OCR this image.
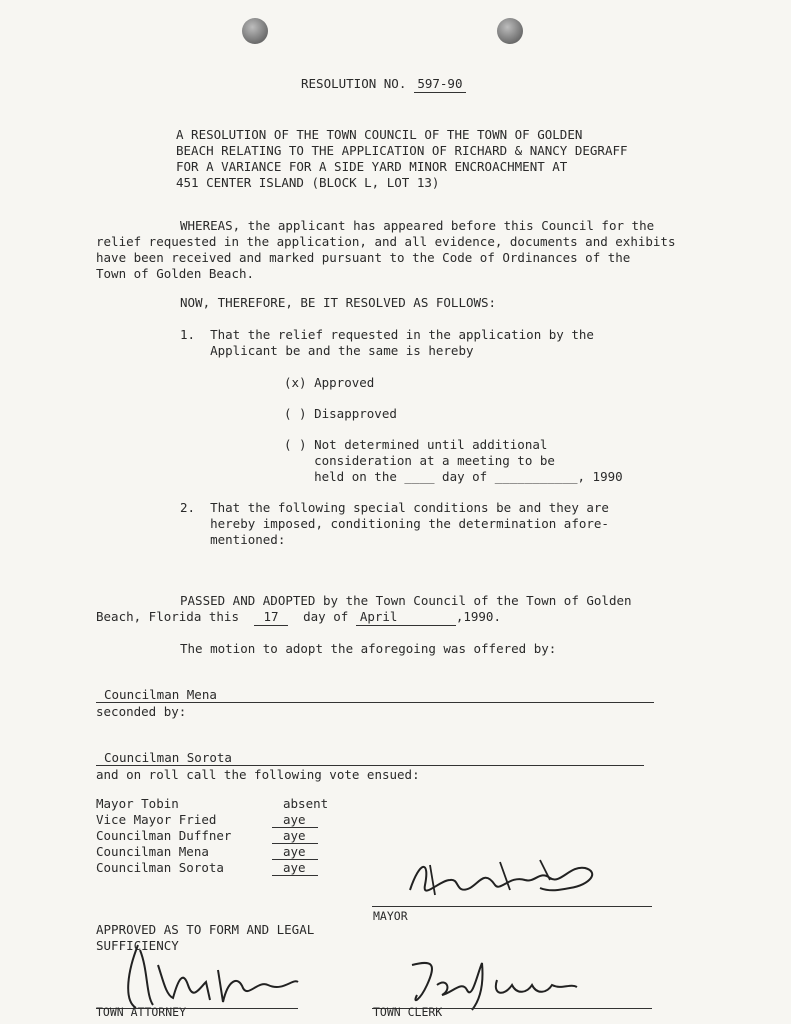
RESOLUTION NO. 597-90
A RESOLUTION OF THE TOWN COUNCIL OF THE TOWN OF GOLDEN
BEACH RELATING TO THE APPLICATION OF RICHARD & NANCY DEGRAFF
FOR A VARIANCE FOR A SIDE YARD MINOR ENCROACHMENT AT
451 CENTER ISLAND (BLOCK L, LOT 13)
WHEREAS, the applicant has appeared before this Council for the
relief requested in the application, and all evidence, documents and exhibits
have been received and marked pursuant to the Code of Ordinances of the
Town of Golden Beach.
NOW, THEREFORE, BE IT RESOLVED AS FOLLOWS:
1.  That the relief requested in the application by the
Applicant be and the same is hereby
(x) Approved
( ) Disapproved
( ) Not determined until additional
consideration at a meeting to be
held on the ____ day of ___________, 1990
2.  That the following special conditions be and they are
hereby imposed, conditioning the determination afore-
mentioned:
PASSED AND ADOPTED by the Town Council of the Town of Golden
Beach, Florida this 17 day of April	,1990.
The motion to adopt the aforegoing was offered by:
Councilman Mena
seconded by:
Councilman Sorota
and on roll call the following vote ensued:
Mayor Tobin	absent
Vice Mayor Fried	aye
Councilman Duffner	aye
Councilman Mena	aye
Councilman Sorota	aye
MAYOR
APPROVED AS TO FORM AND LEGAL
SUFFICIENCY
TOWN ATTORNEY	TOWN CLERK
